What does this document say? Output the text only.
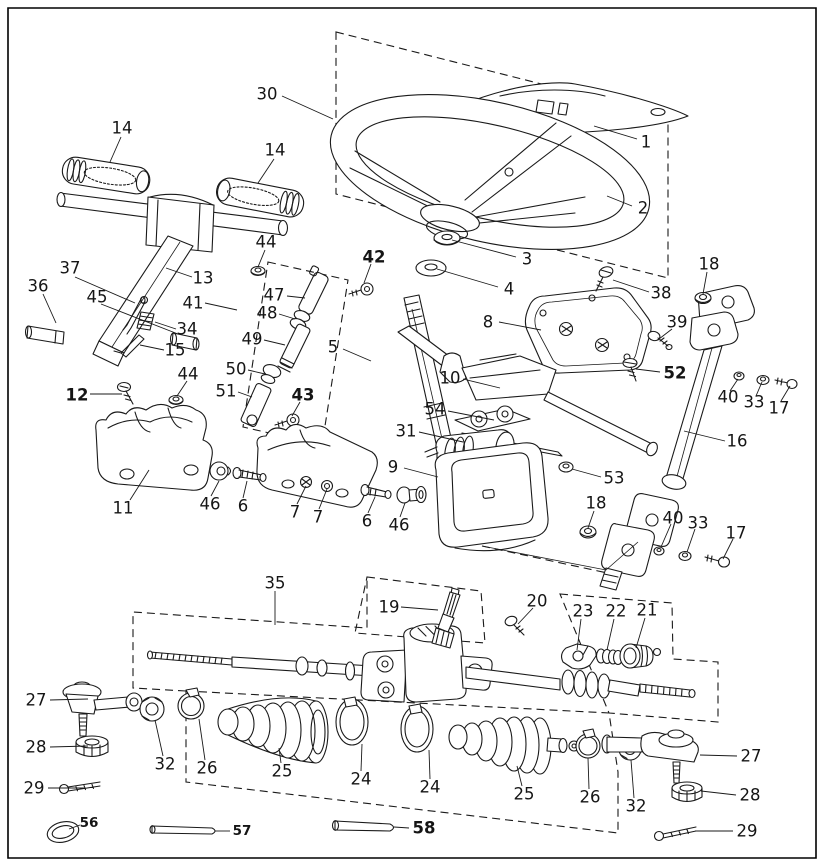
1
2
3
4
5
6	7 7 6
8
9
10
11
12
13
14
14
15
16
17
17
18
18
19	20	21
22
23
24	24
25
25
26
26
27
27
28
28
29
29
30
31
32
32
33
33
34
35
36
37
38
39
40
40
41
42
43
44
44
45
46
46
47
48
49
50
51
52
53
54
56	57	58
